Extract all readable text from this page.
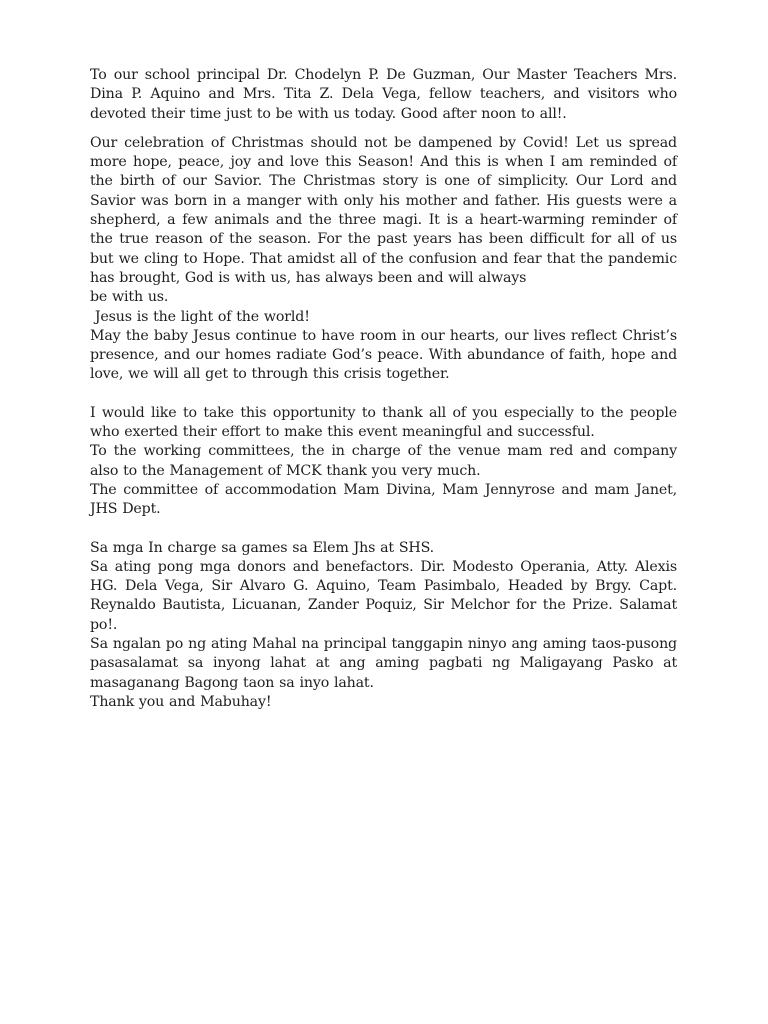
To our school principal Dr. Chodelyn P. De Guzman, Our Master Teachers Mrs. Dina P. Aquino and Mrs. Tita Z. Dela Vega, fellow teachers, and visitors who devoted their time just to be with us today. Good after noon to all!.

Our celebration of Christmas should not be dampened by Covid! Let us spread more hope, peace, joy and love this Season! And this is when I am reminded of the birth of our Savior. The Christmas story is one of simplicity. Our Lord and Savior was born in a manger with only his mother and father. His guests were a shepherd, a few animals and the three magi. It is a heart-warming reminder of the true reason of the season. For the past years has been difficult for all of us but we cling to Hope. That amidst all of the confusion and fear that the pandemic has brought, God is with us, has always been and will always

be with us.

Jesus is the light of the world!

May the baby Jesus continue to have room in our hearts, our lives reflect Christ’s presence, and our homes radiate God’s peace. With abundance of faith, hope and love, we will all get to through this crisis together.

I would like to take this opportunity to thank all of you especially to the people who exerted their effort to make this event meaningful and successful.

To the working committees, the in charge of the venue mam red and company also to the Management of MCK thank you very much.

The committee of accommodation Mam Divina, Mam Jennyrose and mam Janet, JHS Dept.

Sa mga In charge sa games sa Elem Jhs at SHS.

Sa ating pong mga donors and benefactors. Dir. Modesto Operania, Atty. Alexis HG. Dela Vega, Sir Alvaro G. Aquino, Team Pasimbalo, Headed by Brgy. Capt. Reynaldo Bautista, Licuanan, Zander Poquiz, Sir Melchor for the Prize. Salamat po!.

Sa ngalan po ng ating Mahal na principal tanggapin ninyo ang aming taos-pusong pasasalamat sa inyong lahat at ang aming pagbati ng Maligayang Pasko at masaganang Bagong taon sa inyo lahat.

Thank you and Mabuhay!
